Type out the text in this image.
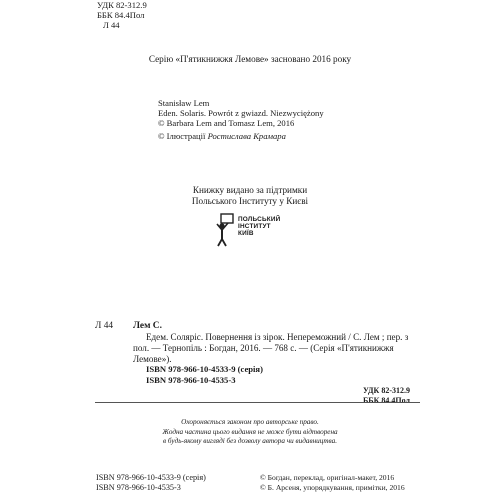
УДК 82-312.9
ББК 84.4Пол
Л 44
Серію «П'ятикнижжя Лемове» засновано 2016 року
Stanisław Lem
Eden. Solaris. Powrót z gwiazd. Niezwyciężony
© Barbara Lem and Tomasz Lem, 2016
© Ілюстрації Ростислава Крамара
Книжку видано за підтримки
Польського Інституту у Києві
ПОЛЬСЬКИЙ
ІНСТИТУТ
КИЇВ
Л 44 Лем С.
Едем. Соляріс. Повернення із зірок. Непереможний / С. Лем ; пер. з пол. — Тернопіль : Богдан, 2016. — 768 с. — (Серія «П'ятикнижжя Лемове»).
ISBN 978-966-10-4533-9 (серія)
ISBN 978-966-10-4535-3
УДК 82-312.9
ББК 84.4Пол
Охороняється законом про авторське право.
Жодна частина цього видання не може бути відтворена
в будь-якому вигляді без дозволу автора чи видавництва.
ISBN 978-966-10-4533-9 (серія)
ISBN 978-966-10-4535-3
© Богдан, переклад, оригінал-макет, 2016
© Б. Арсеня, упорядкування, примітки, 2016
